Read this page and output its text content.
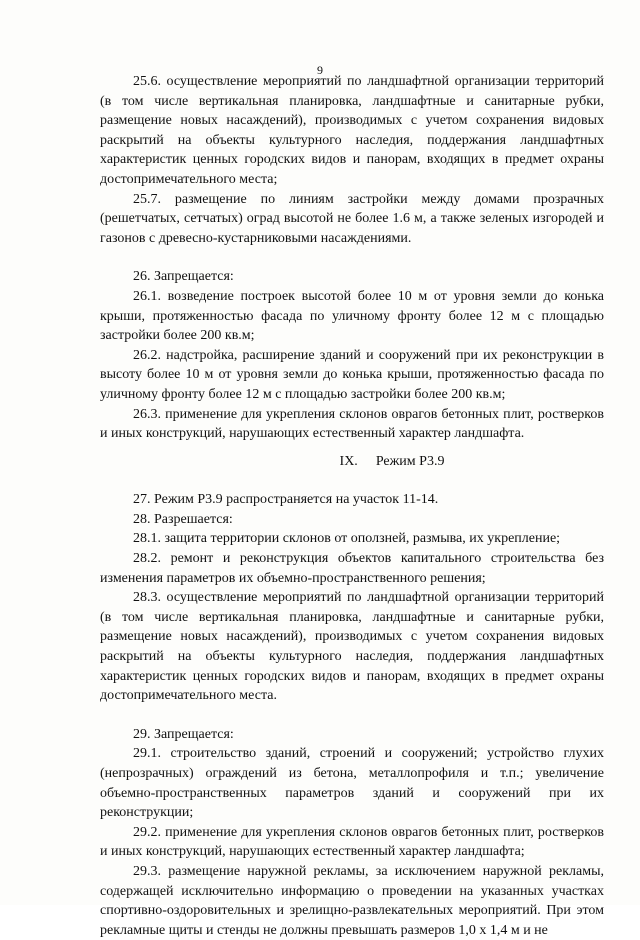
9

25.6. осуществление мероприятий по ландшафтной организации территорий (в том числе вертикальная планировка, ландшафтные и санитарные рубки, размещение новых насаждений), производимых с учетом сохранения видовых раскрытий на объекты культурного наследия, поддержания ландшафтных характеристик ценных городских видов и панорам, входящих в предмет охраны достопримечательного места;

25.7. размещение по линиям застройки между домами прозрачных (решетчатых, сетчатых) оград высотой не более 1.6 м, а также зеленых изгородей и газонов с древесно-кустарниковыми насаждениями.

26. Запрещается:

26.1. возведение построек высотой более 10 м от уровня земли до конька крыши, протяженностью фасада по уличному фронту более 12 м с площадью застройки более 200 кв.м;

26.2. надстройка, расширение зданий и сооружений при их реконструкции в высоту более 10 м от уровня земли до конька крыши, протяженностью фасада по уличному фронту более 12 м с площадью застройки более 200 кв.м;

26.3. применение для укрепления склонов оврагов бетонных плит, ростверков и иных конструкций, нарушающих естественный характер ландшафта.

IX. Режим Р3.9

27. Режим Р3.9 распространяется на участок 11-14.

28. Разрешается:

28.1. защита территории склонов от оползней, размыва, их укрепление;

28.2. ремонт и реконструкция объектов капитального строительства без изменения параметров их объемно-пространственного решения;

28.3. осуществление мероприятий по ландшафтной организации территорий (в том числе вертикальная планировка, ландшафтные и санитарные рубки, размещение новых насаждений), производимых с учетом сохранения видовых раскрытий на объекты культурного наследия, поддержания ландшафтных характеристик ценных городских видов и панорам, входящих в предмет охраны достопримечательного места.

29. Запрещается:

29.1. строительство зданий, строений и сооружений; устройство глухих (непрозрачных) ограждений из бетона, металлопрофиля и т.п.; увеличение объемно-пространственных параметров зданий и сооружений при их реконструкции;

29.2. применение для укрепления склонов оврагов бетонных плит, ростверков и иных конструкций, нарушающих естественный характер ландшафта;

29.3. размещение наружной рекламы, за исключением наружной рекламы, содержащей исключительно информацию о проведении на указанных участках спортивно-оздоровительных и зрелищно-развлекательных мероприятий. При этом рекламные щиты и стенды не должны превышать размеров 1,0 х 1,4 м и не
